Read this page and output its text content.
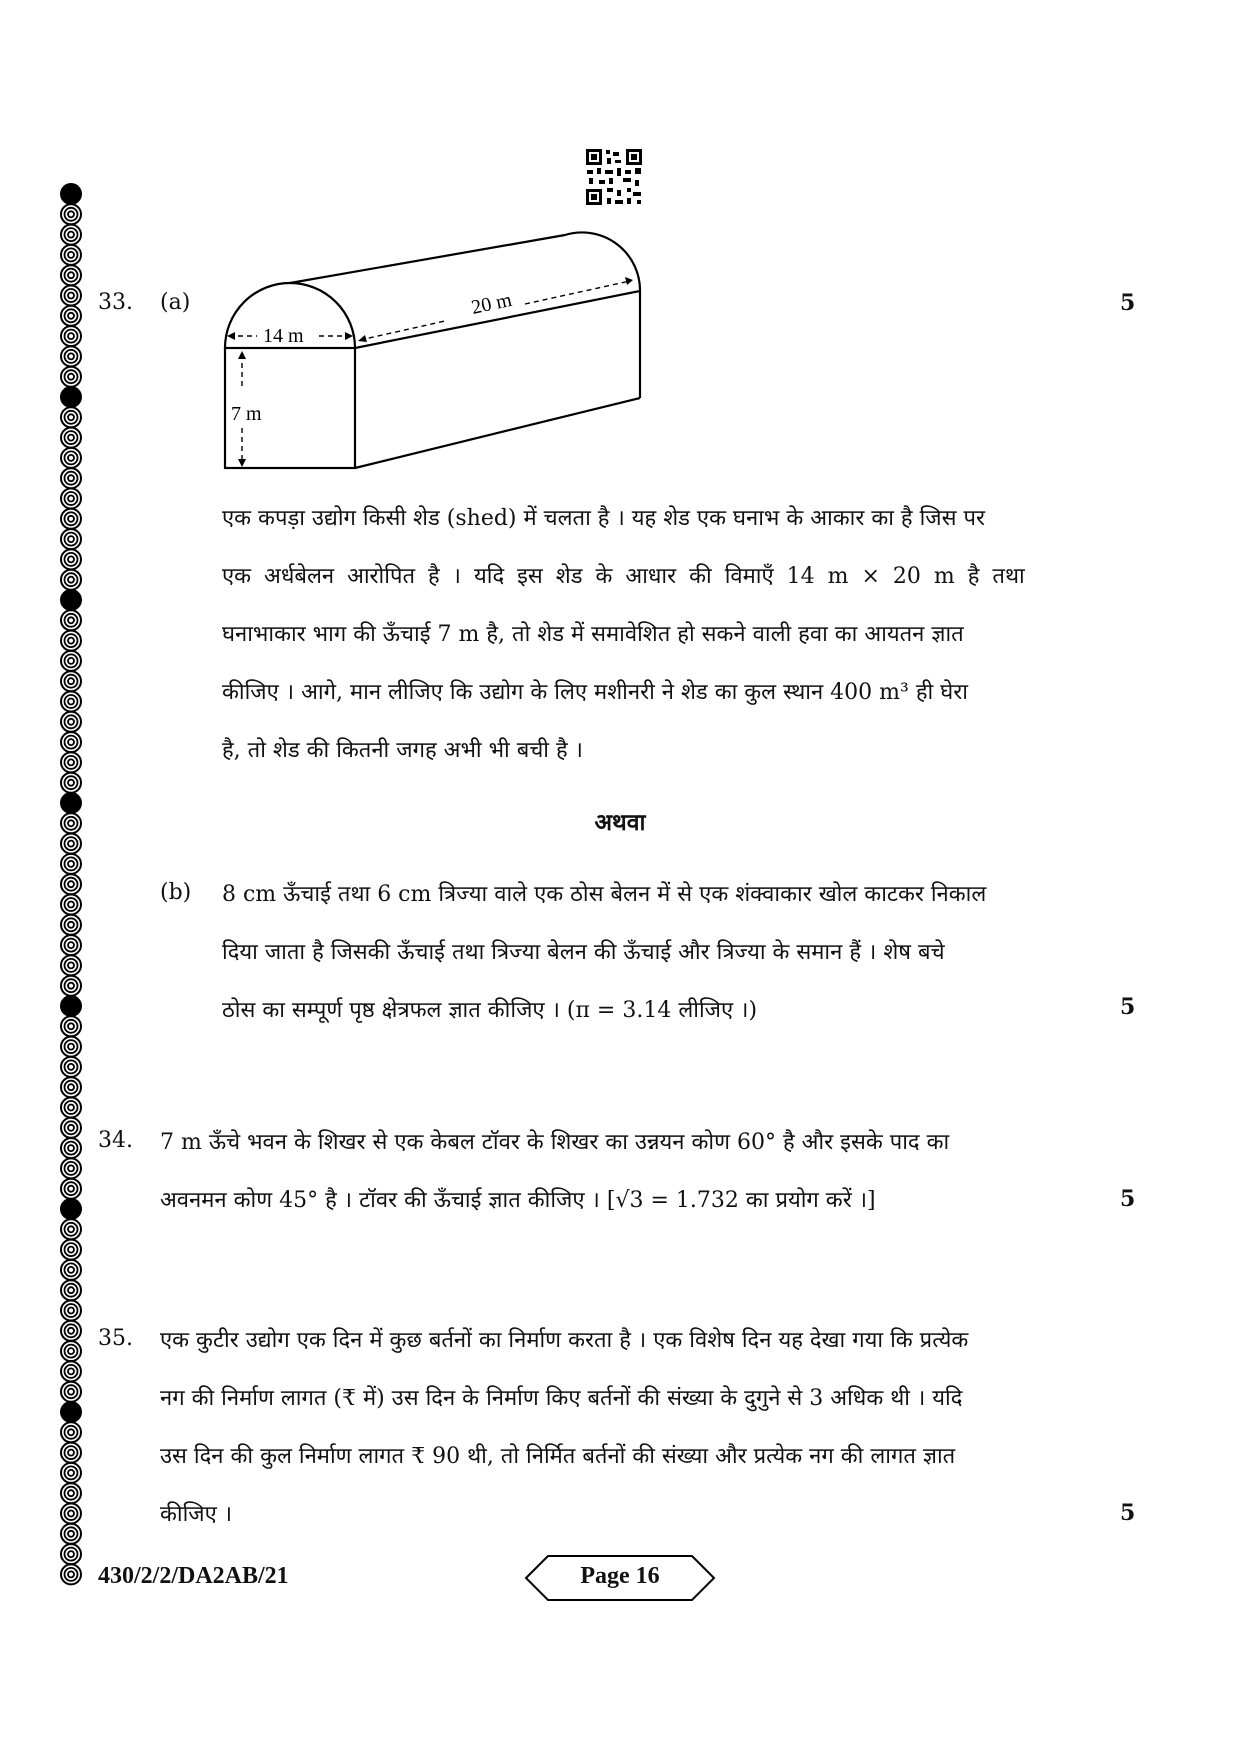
33. (a)	5
14 m
20 m
7 m
एक कपड़ा उद्योग किसी शेड (shed) में चलता है । यह शेड एक घनाभ के आकार का है जिस पर
एक अर्धबेलन आरोपित है । यदि इस शेड के आधार की विमाएँ 14 m × 20 m है तथा
घनाभाकार भाग की ऊँचाई 7 m है, तो शेड में समावेशित हो सकने वाली हवा का आयतन ज्ञात
कीजिए । आगे, मान लीजिए कि उद्योग के लिए मशीनरी ने शेड का कुल स्थान 400 m³ ही घेरा
है, तो शेड की कितनी जगह अभी भी बची है ।
अथवा
(b) 8 cm ऊँचाई तथा 6 cm त्रिज्या वाले एक ठोस बेलन में से एक शंक्वाकार खोल काटकर निकाल
दिया जाता है जिसकी ऊँचाई तथा त्रिज्या बेलन की ऊँचाई और त्रिज्या के समान हैं । शेष बचे
ठोस का सम्पूर्ण पृष्ठ क्षेत्रफल ज्ञात कीजिए । (π = 3.14 लीजिए ।)	5
34. 7 m ऊँचे भवन के शिखर से एक केबल टॉवर के शिखर का उन्नयन कोण 60° है और इसके पाद का
अवनमन कोण 45° है । टॉवर की ऊँचाई ज्ञात कीजिए । [√3 = 1.732 का प्रयोग करें ।]	5
35. एक कुटीर उद्योग एक दिन में कुछ बर्तनों का निर्माण करता है । एक विशेष दिन यह देखा गया कि प्रत्येक
नग की निर्माण लागत (₹ में) उस दिन के निर्माण किए बर्तनों की संख्या के दुगुने से 3 अधिक थी । यदि
उस दिन की कुल निर्माण लागत ₹ 90 थी, तो निर्मित बर्तनों की संख्या और प्रत्येक नग की लागत ज्ञात
कीजिए ।	5
430/2/2/DA2AB/21	Page 16
